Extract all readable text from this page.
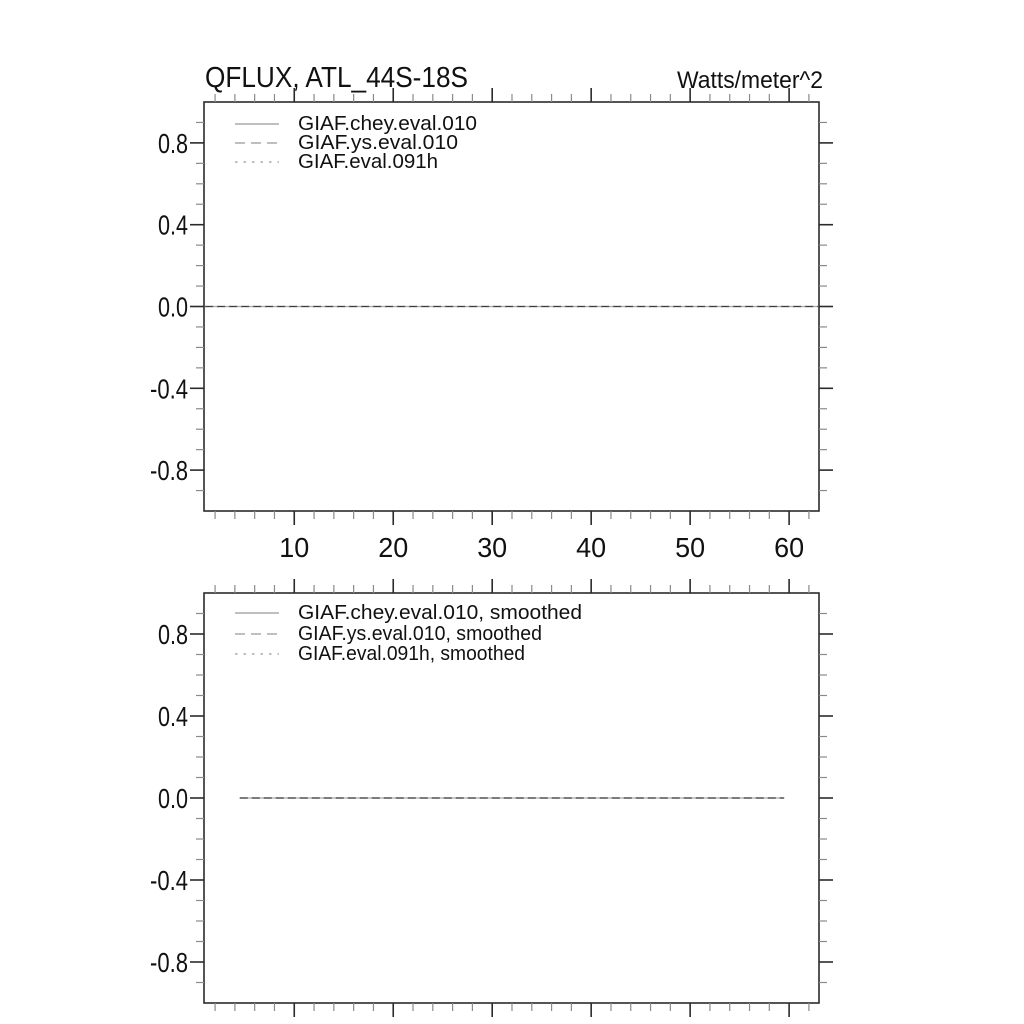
10 20 30 40 50 60
0.8
0.4
0.0
-0.4
-0.8
0.8
0.4
0.0
-0.4
-0.8
QFLUX, ATL_44S-18S	Watts/meter^2
GIAF.chey.eval.010
GIAF.ys.eval.010
GIAF.eval.091h
GIAF.chey.eval.010, smoothed
GIAF.ys.eval.010, smoothed
GIAF.eval.091h, smoothed
